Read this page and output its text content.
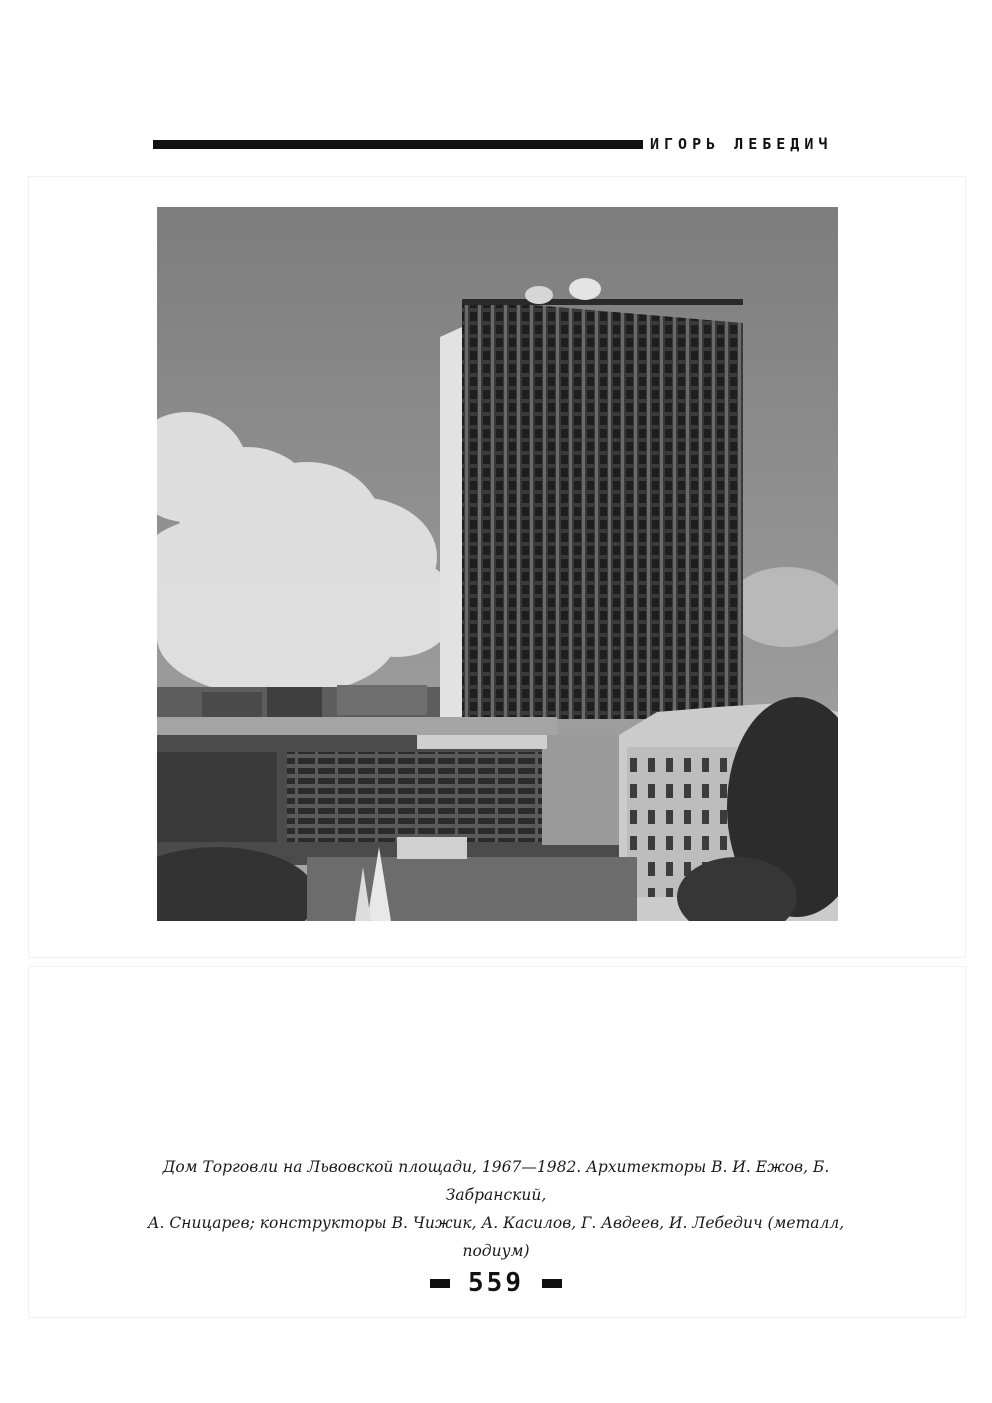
ИГОРЬ ЛЕБЕДИЧ
Дом Торговли на Львовской площади, 1967—1982. Архитекторы В. И. Ежов, Б. Забранский,
А. Сницарев; конструкторы В. Чижик, А. Касилов, Г. Авдеев, И. Лебедич (металл, подиум)
559
